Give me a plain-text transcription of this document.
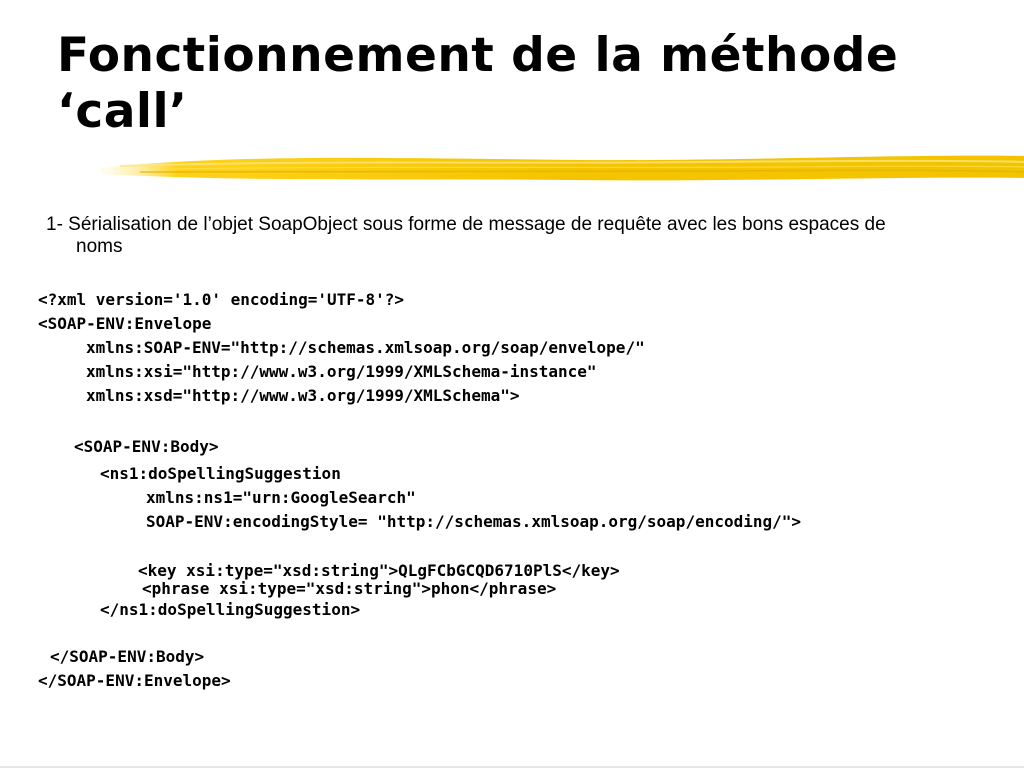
Fonctionnement de la méthode
‘call’
1- Sérialisation de l’objet SoapObject sous forme de message de requête avec les bons espaces de
noms
<?xml version='1.0' encoding='UTF-8'?>
<SOAP-ENV:Envelope
xmlns:SOAP-ENV="http://schemas.xmlsoap.org/soap/envelope/"
xmlns:xsi="http://www.w3.org/1999/XMLSchema-instance"
xmlns:xsd="http://www.w3.org/1999/XMLSchema">
<SOAP-ENV:Body>
<ns1:doSpellingSuggestion
xmlns:ns1="urn:GoogleSearch"
SOAP-ENV:encodingStyle= "http://schemas.xmlsoap.org/soap/encoding/">
<key xsi:type="xsd:string">QLgFCbGCQD6710PlS</key>
<phrase xsi:type="xsd:string">phon</phrase>
</ns1:doSpellingSuggestion>
</SOAP-ENV:Body>
</SOAP-ENV:Envelope>
